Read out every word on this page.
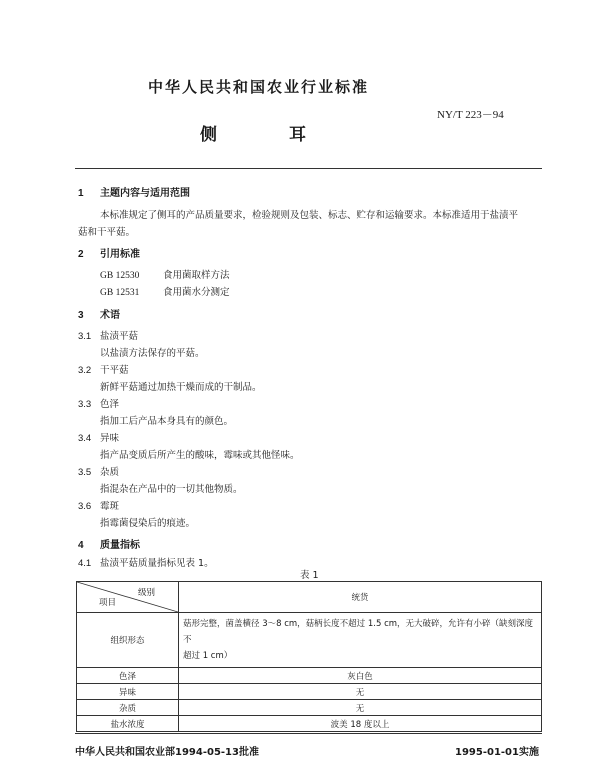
中华人民共和国农业行业标准
NY/T 223－94
侧	耳
1 主题内容与适用范围
本标准规定了侧耳的产品质量要求，检验规则及包装、标志、贮存和运输要求。本标准适用于盐渍平
菇和干平菇。
2 引用标准
GB 12530 食用菌取样方法
GB 12531 食用菌水分测定
3 术语
3.1 盐渍平菇
以盐渍方法保存的平菇。
3.2 干平菇
新鲜平菇通过加热干燥而成的干制品。
3.3 色泽
指加工后产品本身具有的颜色。
3.4 异味
指产品变质后所产生的酸味，霉味或其他怪味。
3.5 杂质
指混杂在产品中的一切其他物质。
3.6 霉斑
指霉菌侵染后的痕迹。
4 质量指标
4.1 盐渍平菇质量指标见表 1。
表 1
级别
项目	统货
组织形态	菇形完整，菌盖横径 3～8 cm，菇柄长度不超过 1.5 cm，无大破碎，允许有小碎（缺刻深度不
超过 1 cm）

色泽	灰白色
异味	无
杂质	无
盐水浓度	波美 18 度以上
中华人民共和国农业部1994-05-13批准	1995-01-01实施
